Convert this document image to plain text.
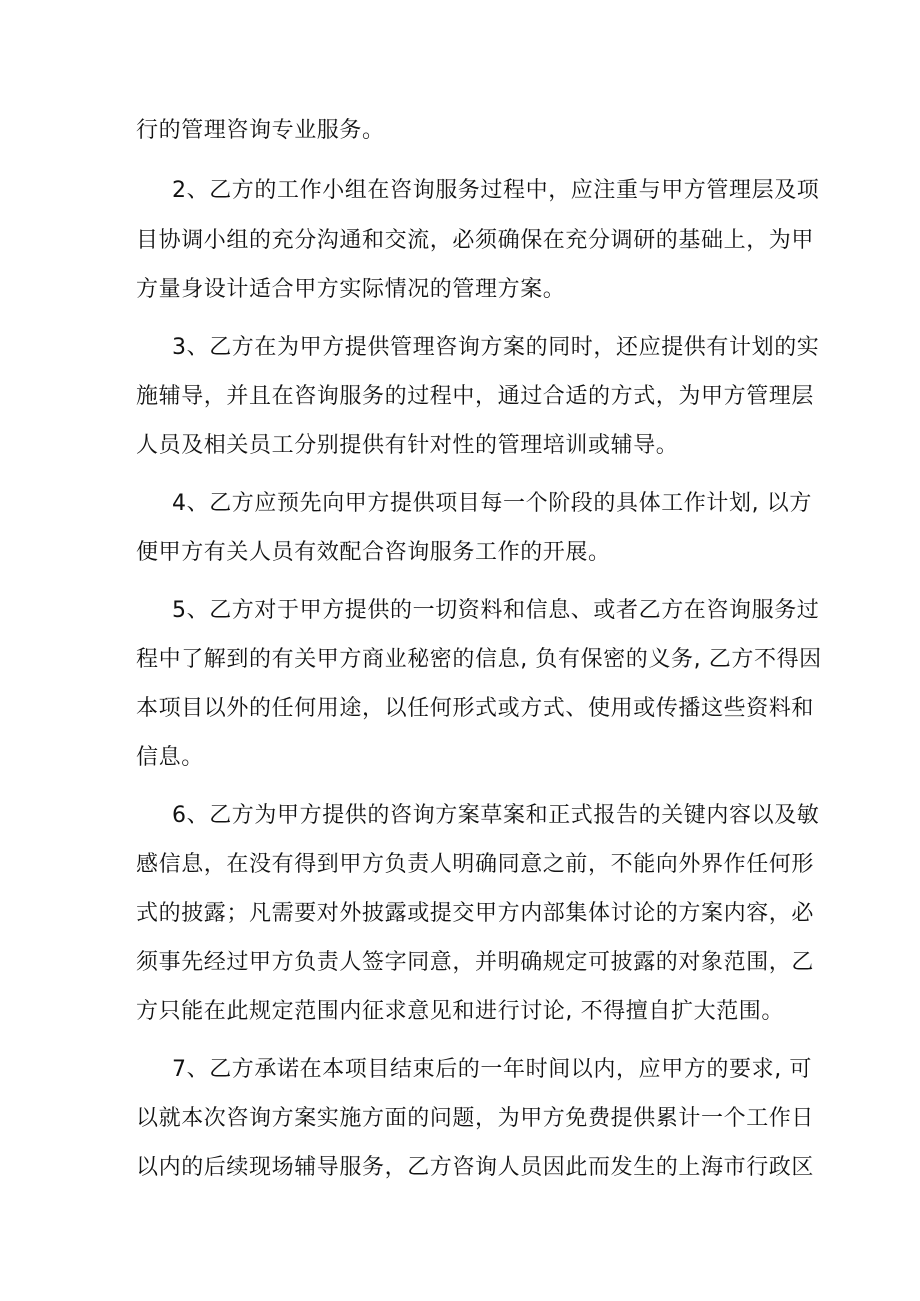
行的管理咨询专业服务。
2、乙方的工作小组在咨询服务过程中，应注重与甲方管理层及项
目协调小组的充分沟通和交流，必须确保在充分调研的基础上，为甲
方量身设计适合甲方实际情况的管理方案。
3、乙方在为甲方提供管理咨询方案的同时，还应提供有计划的实
施辅导，并且在咨询服务的过程中，通过合适的方式，为甲方管理层
人员及相关员工分别提供有针对性的管理培训或辅导。
4、乙方应预先向甲方提供项目每一个阶段的具体工作计划, 以方
便甲方有关人员有效配合咨询服务工作的开展。
5、乙方对于甲方提供的一切资料和信息、或者乙方在咨询服务过
程中了解到的有关甲方商业秘密的信息, 负有保密的义务, 乙方不得因
本项目以外的任何用途，以任何形式或方式、使用或传播这些资料和
信息。
6、乙方为甲方提供的咨询方案草案和正式报告的关键内容以及敏
感信息，在没有得到甲方负责人明确同意之前，不能向外界作任何形
式的披露；凡需要对外披露或提交甲方内部集体讨论的方案内容，必
须事先经过甲方负责人签字同意，并明确规定可披露的对象范围，乙
方只能在此规定范围内征求意见和进行讨论, 不得擅自扩大范围。
7、乙方承诺在本项目结束后的一年时间以内，应甲方的要求, 可
以就本次咨询方案实施方面的问题，为甲方免费提供累计一个工作日
以内的后续现场辅导服务，乙方咨询人员因此而发生的上海市行政区
